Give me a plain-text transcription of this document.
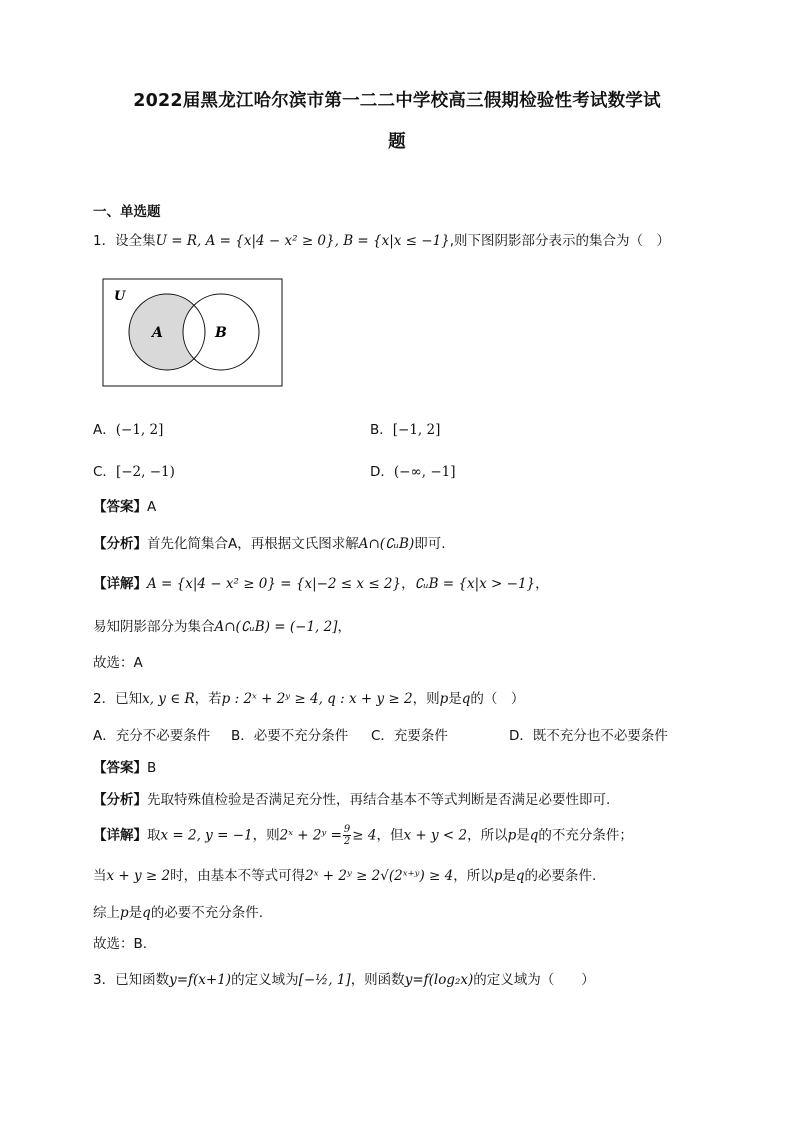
2022届黑龙江哈尔滨市第一二二中学校高三假期检验性考试数学试
题
一、单选题
1．设全集U = R, A = {x|4 − x² ≥ 0}, B = {x|x ≤ −1},则下图阴影部分表示的集合为（　）
U
A	B
A．(−1, 2]	B．[−1, 2]
C．[−2, −1)	D．(−∞, −1]
【答案】A
【分析】首先化简集合A，再根据文氏图求解A∩(∁ᵤB)即可.
【详解】A = {x|4 − x² ≥ 0} = {x|−2 ≤ x ≤ 2}，∁ᵤB = {x|x > −1}，
易知阴影部分为集合A∩(∁ᵤB) = (−1, 2]，
故选：A
2．已知x, y ∈ R，若p : 2ˣ + 2ʸ ≥ 4, q : x + y ≥ 2，则p是q的（　）
A．充分不必要条件 B．必要不充分条件 C．充要条件	D．既不充分也不必要条件
【答案】B
【分析】先取特殊值检验是否满足充分性，再结合基本不等式判断是否满足必要性即可.
【详解】取x = 2, y = −1，则2ˣ + 2ʸ = $\frac{9}{2} \ge 4$，但x + y < 2，所以p是q的不充分条件；
当x + y ≥ 2时，由基本不等式可得2ˣ + 2ʸ ≥ 2√(2ˣ⁺ʸ) ≥ 4，所以p是q的必要条件.
综上p是q的必要不充分条件.
故选：B.
3．已知函数y=f(x+1)的定义域为[−½, 1]，则函数y=f(log₂x)的定义域为（　　）
